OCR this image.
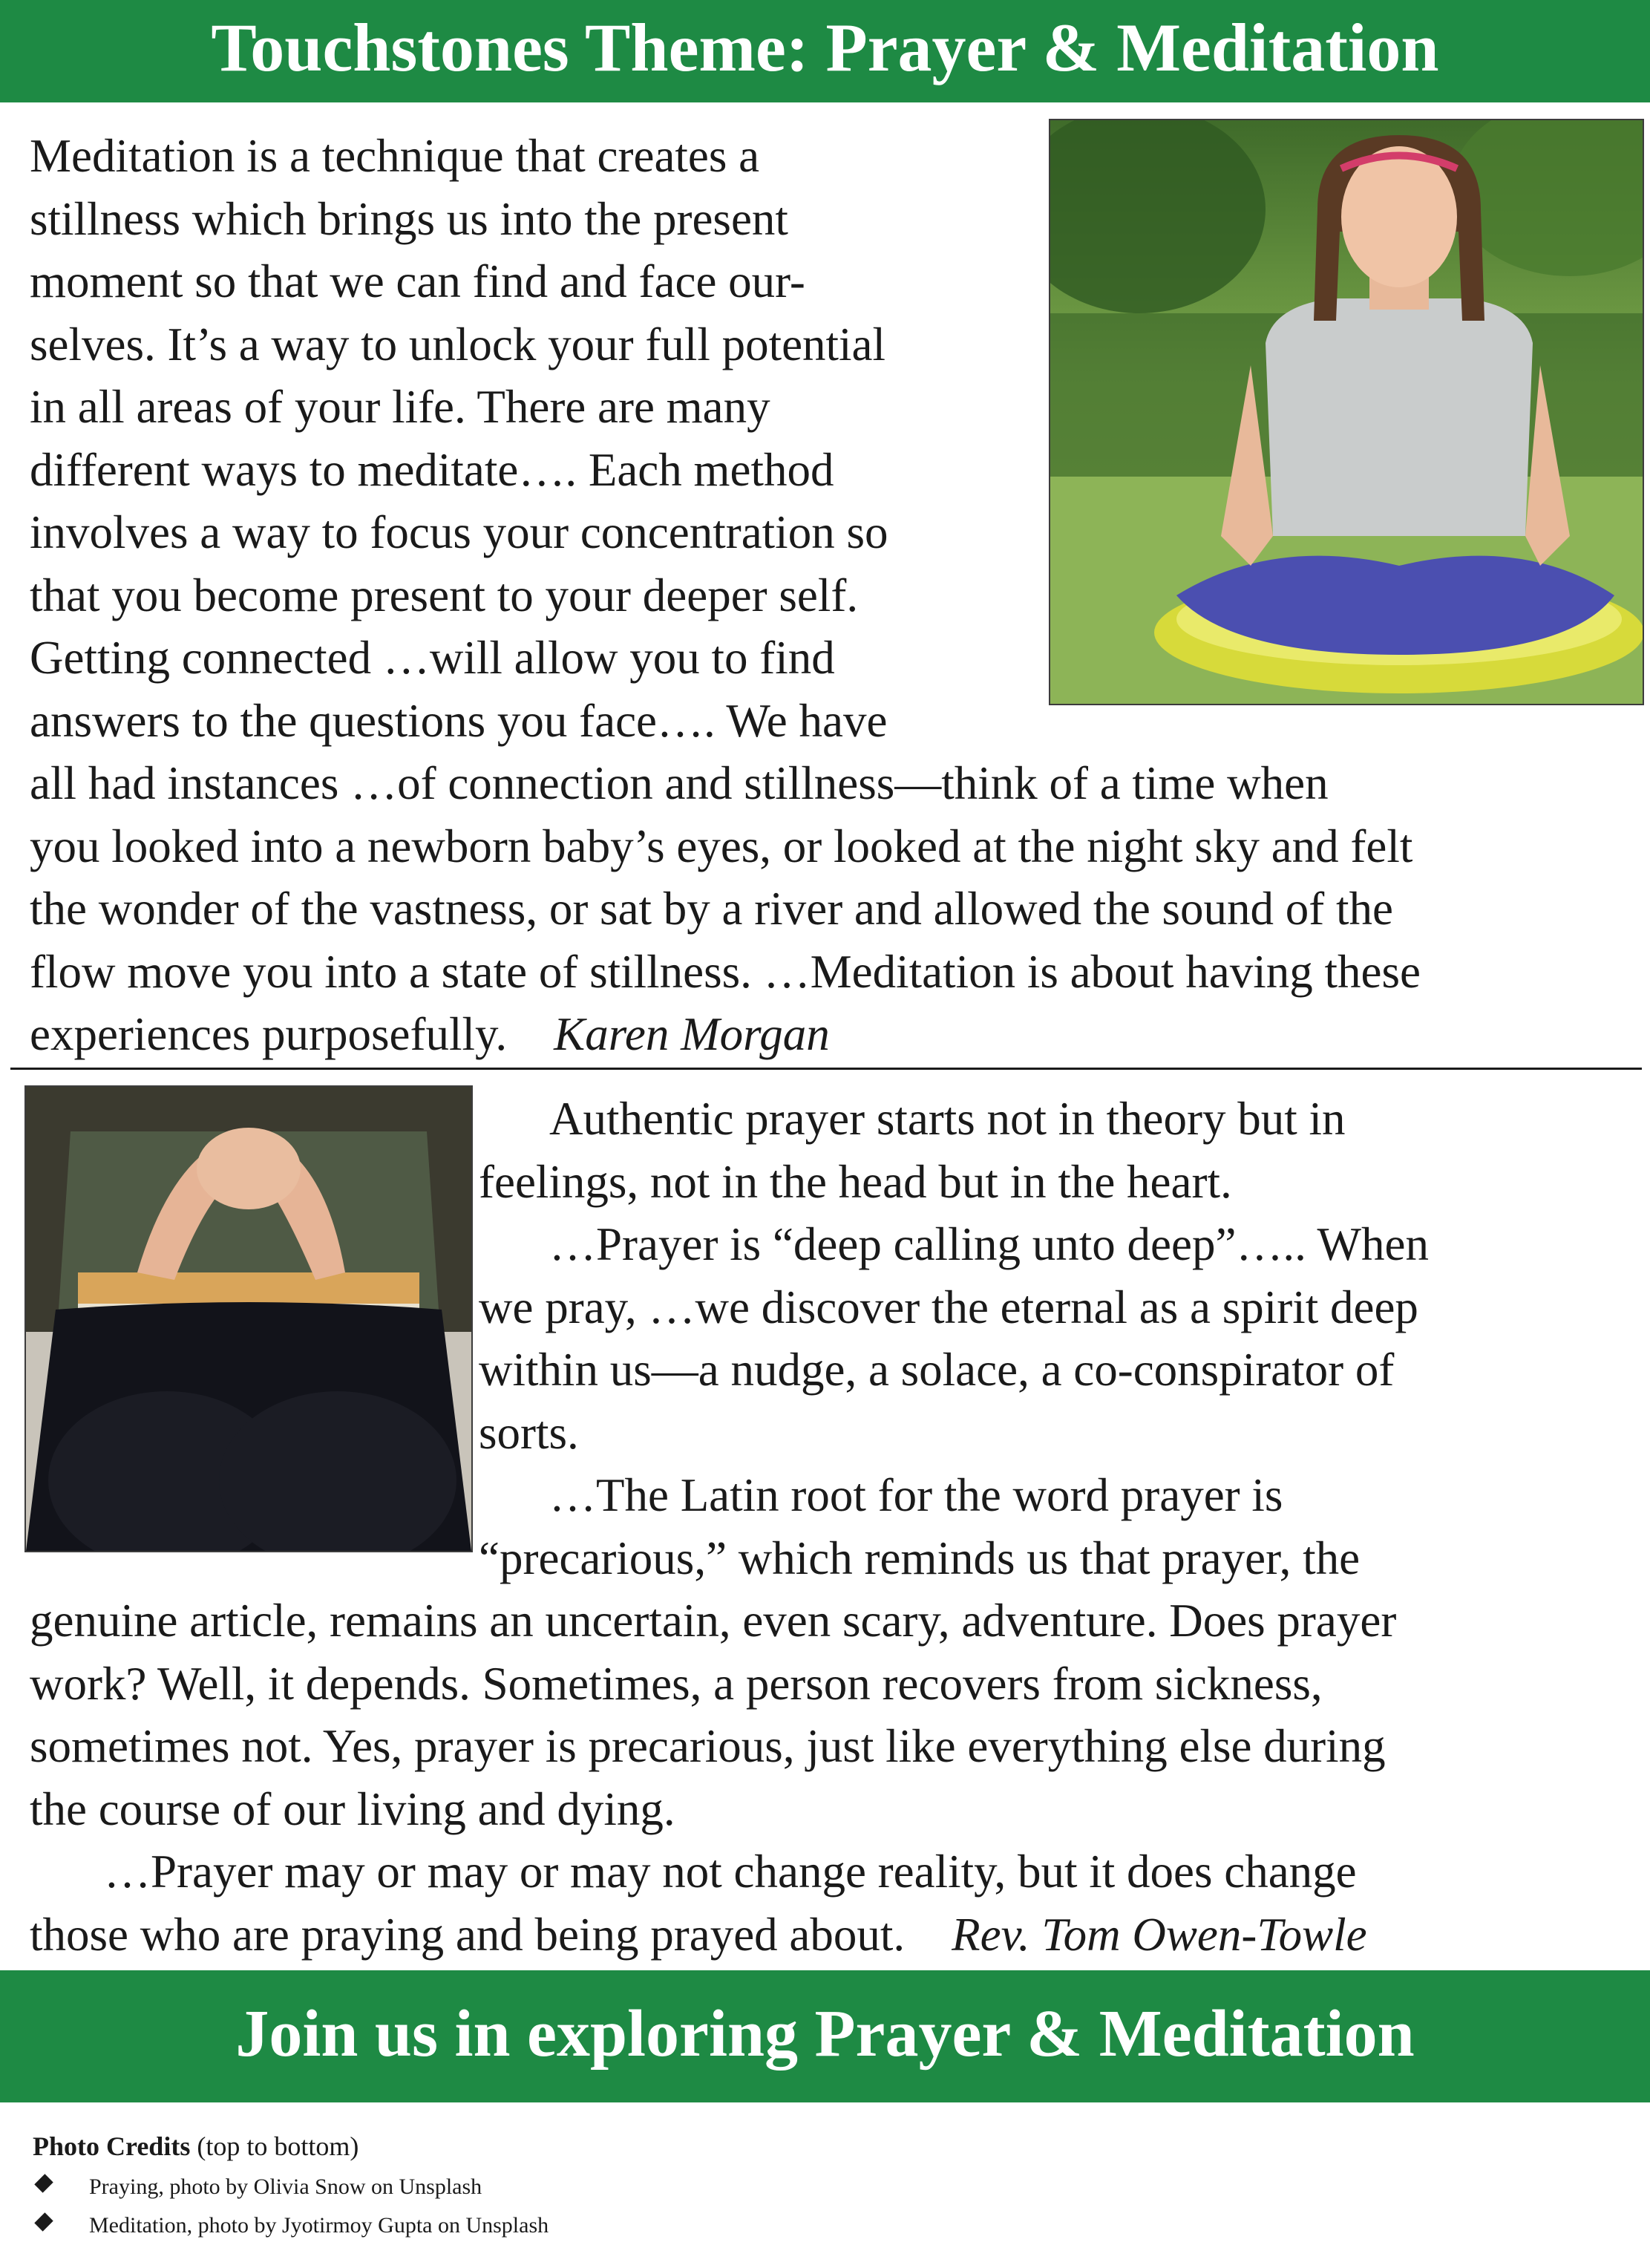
Touchstones Theme: Prayer & Meditation

Meditation is a technique that creates a
stillness which brings us into the present
moment so that we can find and face our-
selves. It’s a way to unlock your full potential
in all areas of your life. There are many
different ways to meditate…. Each method
involves a way to focus your concentration so
that you become present to your deeper self.
Getting connected …will allow you to find
answers to the questions you face…. We have
all had instances …of connection and stillness—think of a time when
you looked into a newborn baby’s eyes, or looked at the night sky and felt
the wonder of the vastness, or sat by a river and allowed the sound of the
flow move you into a state of stillness. …Meditation is about having these
experiences purposefully. Karen Morgan

Authentic prayer starts not in theory but in
feelings, not in the head but in the heart.
…Prayer is “deep calling unto deep”….. When
we pray, …we discover the eternal as a spirit deep
within us—a nudge, a solace, a co-conspirator of
sorts.
…The Latin root for the word prayer is
“precarious,” which reminds us that prayer, the
genuine article, remains an uncertain, even scary, adventure. Does prayer
work? Well, it depends. Sometimes, a person recovers from sickness,
sometimes not. Yes, prayer is precarious, just like everything else during
the course of our living and dying.
…Prayer may or may or may not change reality, but it does change
those who are praying and being prayed about. Rev. Tom Owen-Towle

Join us in exploring Prayer & Meditation
Photo Credits (top to bottom)
Praying, photo by Olivia Snow on Unsplash
Meditation, photo by Jyotirmoy Gupta on Unsplash
